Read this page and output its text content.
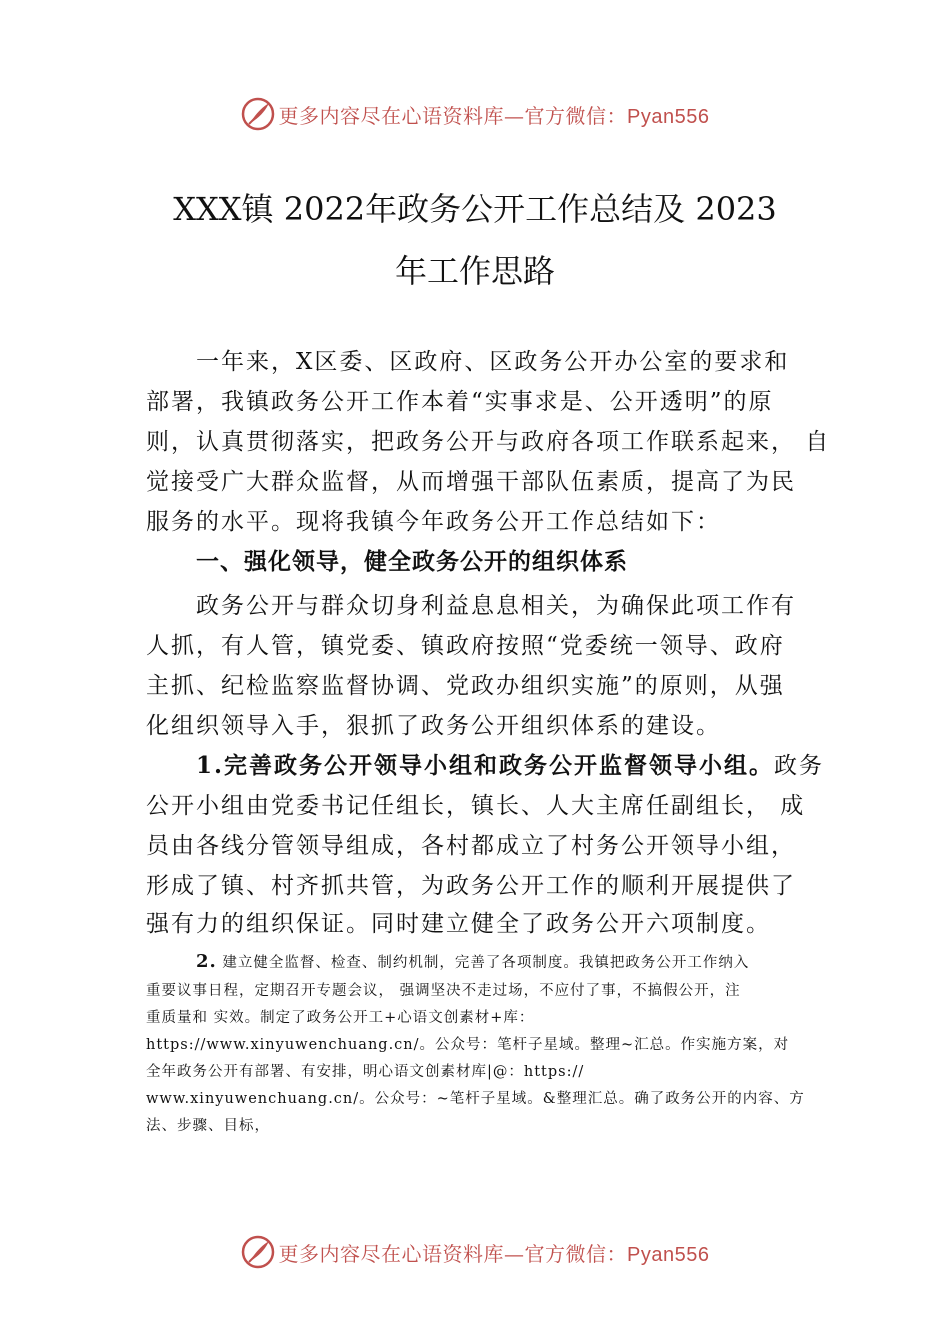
更多内容尽在心语资料库—官方微信：Pyan556
XXX镇 2022年政务公开工作总结及 2023
年工作思路
一年来，X区委、区政府、区政务公开办公室的要求和
部署，我镇政务公开工作本着“实事求是、公开透明”的原
则，认真贯彻落实，把政务公开与政府各项工作联系起来， 自
觉接受广大群众监督，从而增强干部队伍素质，提高了为民
服务的水平。现将我镇今年政务公开工作总结如下：
一、强化领导，健全政务公开的组织体系
政务公开与群众切身利益息息相关，为确保此项工作有
人抓，有人管，镇党委、镇政府按照“党委统一领导、政府
主抓、纪检监察监督协调、党政办组织实施”的原则，从强
化组织领导入手，狠抓了政务公开组织体系的建设。
1.完善政务公开领导小组和政务公开监督领导小组。政务
公开小组由党委书记任组长，镇长、人大主席任副组长， 成
员由各线分管领导组成，各村都成立了村务公开领导小组，
形成了镇、村齐抓共管，为政务公开工作的顺利开展提供了
强有力的组织保证。同时建立健全了政务公开六项制度。
2. 建立健全监督、检查、制约机制，完善了各项制度。我镇把政务公开工作纳入
重要议事日程，定期召开专题会议， 强调坚决不走过场，不应付了事，不搞假公开，注
重质量和 实效。制定了政务公开工+心语文创素材+库：
https://www.xinyuwenchuang.cn/。公众号：笔杆子星域。整理~汇总。作实施方案，对
全年政务公开有部署、有安排，明心语文创素材库|@：https://
www.xinyuwenchuang.cn/。公众号：~笔杆子星域。&整理汇总。确了政务公开的内容、方
法、步骤、目标，
更多内容尽在心语资料库—官方微信：Pyan556
